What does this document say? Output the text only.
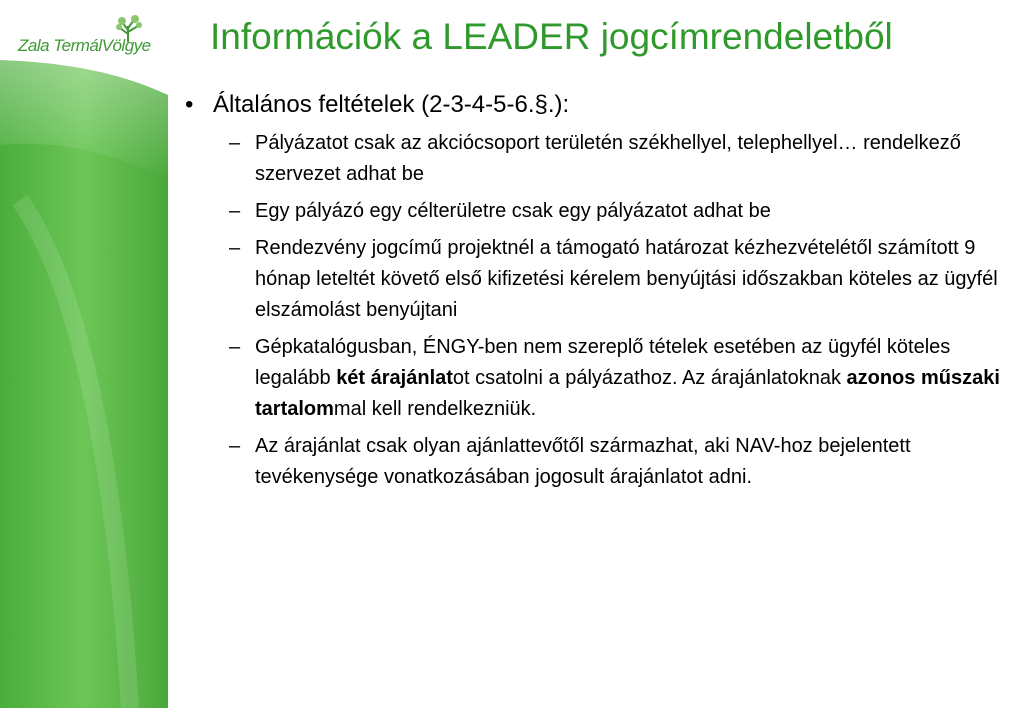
Zala TermálVölgye Információk a LEADER jogcímrendeletből
• Általános feltételek (2-3-4-5-6.§.):
– Pályázatot csak az akciócsoport területén székhellyel, telephellyel… rendelkező szervezet adhat be
– Egy pályázó egy célterületre csak egy pályázatot adhat be
– Rendezvény jogcímű projektnél a támogató határozat kézhezvételétől számított 9 hónap leteltét követő első kifizetési kérelem benyújtási időszakban köteles az ügyfél elszámolást benyújtani
– Gépkatalógusban, ÉNGY-ben nem szereplő tételek esetében az ügyfél köteles legalább két árajánlatot csatolni a pályázathoz. Az árajánlatoknak azonos műszaki tartalommal kell rendelkezniük.
– Az árajánlat csak olyan ajánlattevőtől származhat, aki NAV-hoz bejelentett tevékenysége vonatkozásában jogosult árajánlatot adni.
